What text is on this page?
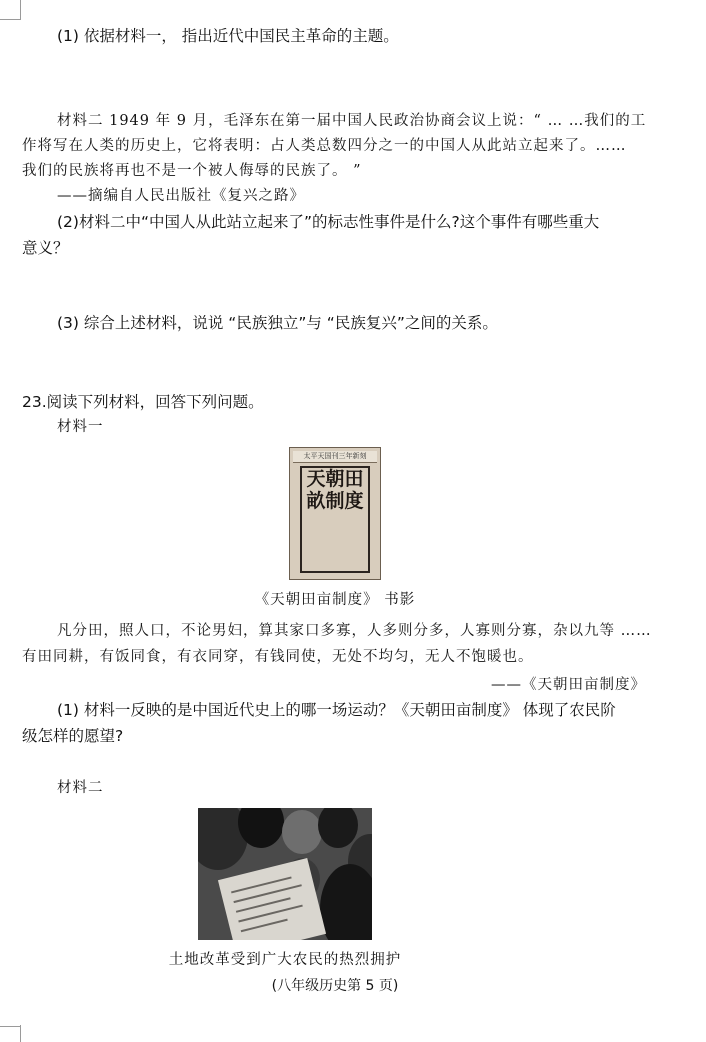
(1) 依据材料一， 指出近代中国民主革命的主题。
材料二 1949 年 9 月，毛泽东在第一届中国人民政治协商会议上说：“ … …我们的工
作将写在人类的历史上，它将表明：占人类总数四分之一的中国人从此站立起来了。……
我们的民族将再也不是一个被人侮辱的民族了。 ”
——摘编自人民出版社《复兴之路》
(2)材料二中“中国人从此站立起来了”的标志性事件是什么?这个事件有哪些重大
意义？
(3) 综合上述材料，说说 “民族独立”与 “民族复兴”之间的关系。
23.阅读下列材料，回答下列问题。
材料一
太平天国刊三年新刻
天朝田畝制度
《天朝田亩制度》 书影
凡分田，照人口，不论男妇，算其家口多寡，人多则分多，人寡则分寡，杂以九等 ……
有田同耕，有饭同食，有衣同穿，有钱同使，无处不均匀，无人不饱暖也。
——《天朝田亩制度》
(1) 材料一反映的是中国近代史上的哪一场运动？《天朝田亩制度》 体现了农民阶
级怎样的愿望?
材料二
土地改革受到广大农民的热烈拥护
(八年级历史第 5 页)
